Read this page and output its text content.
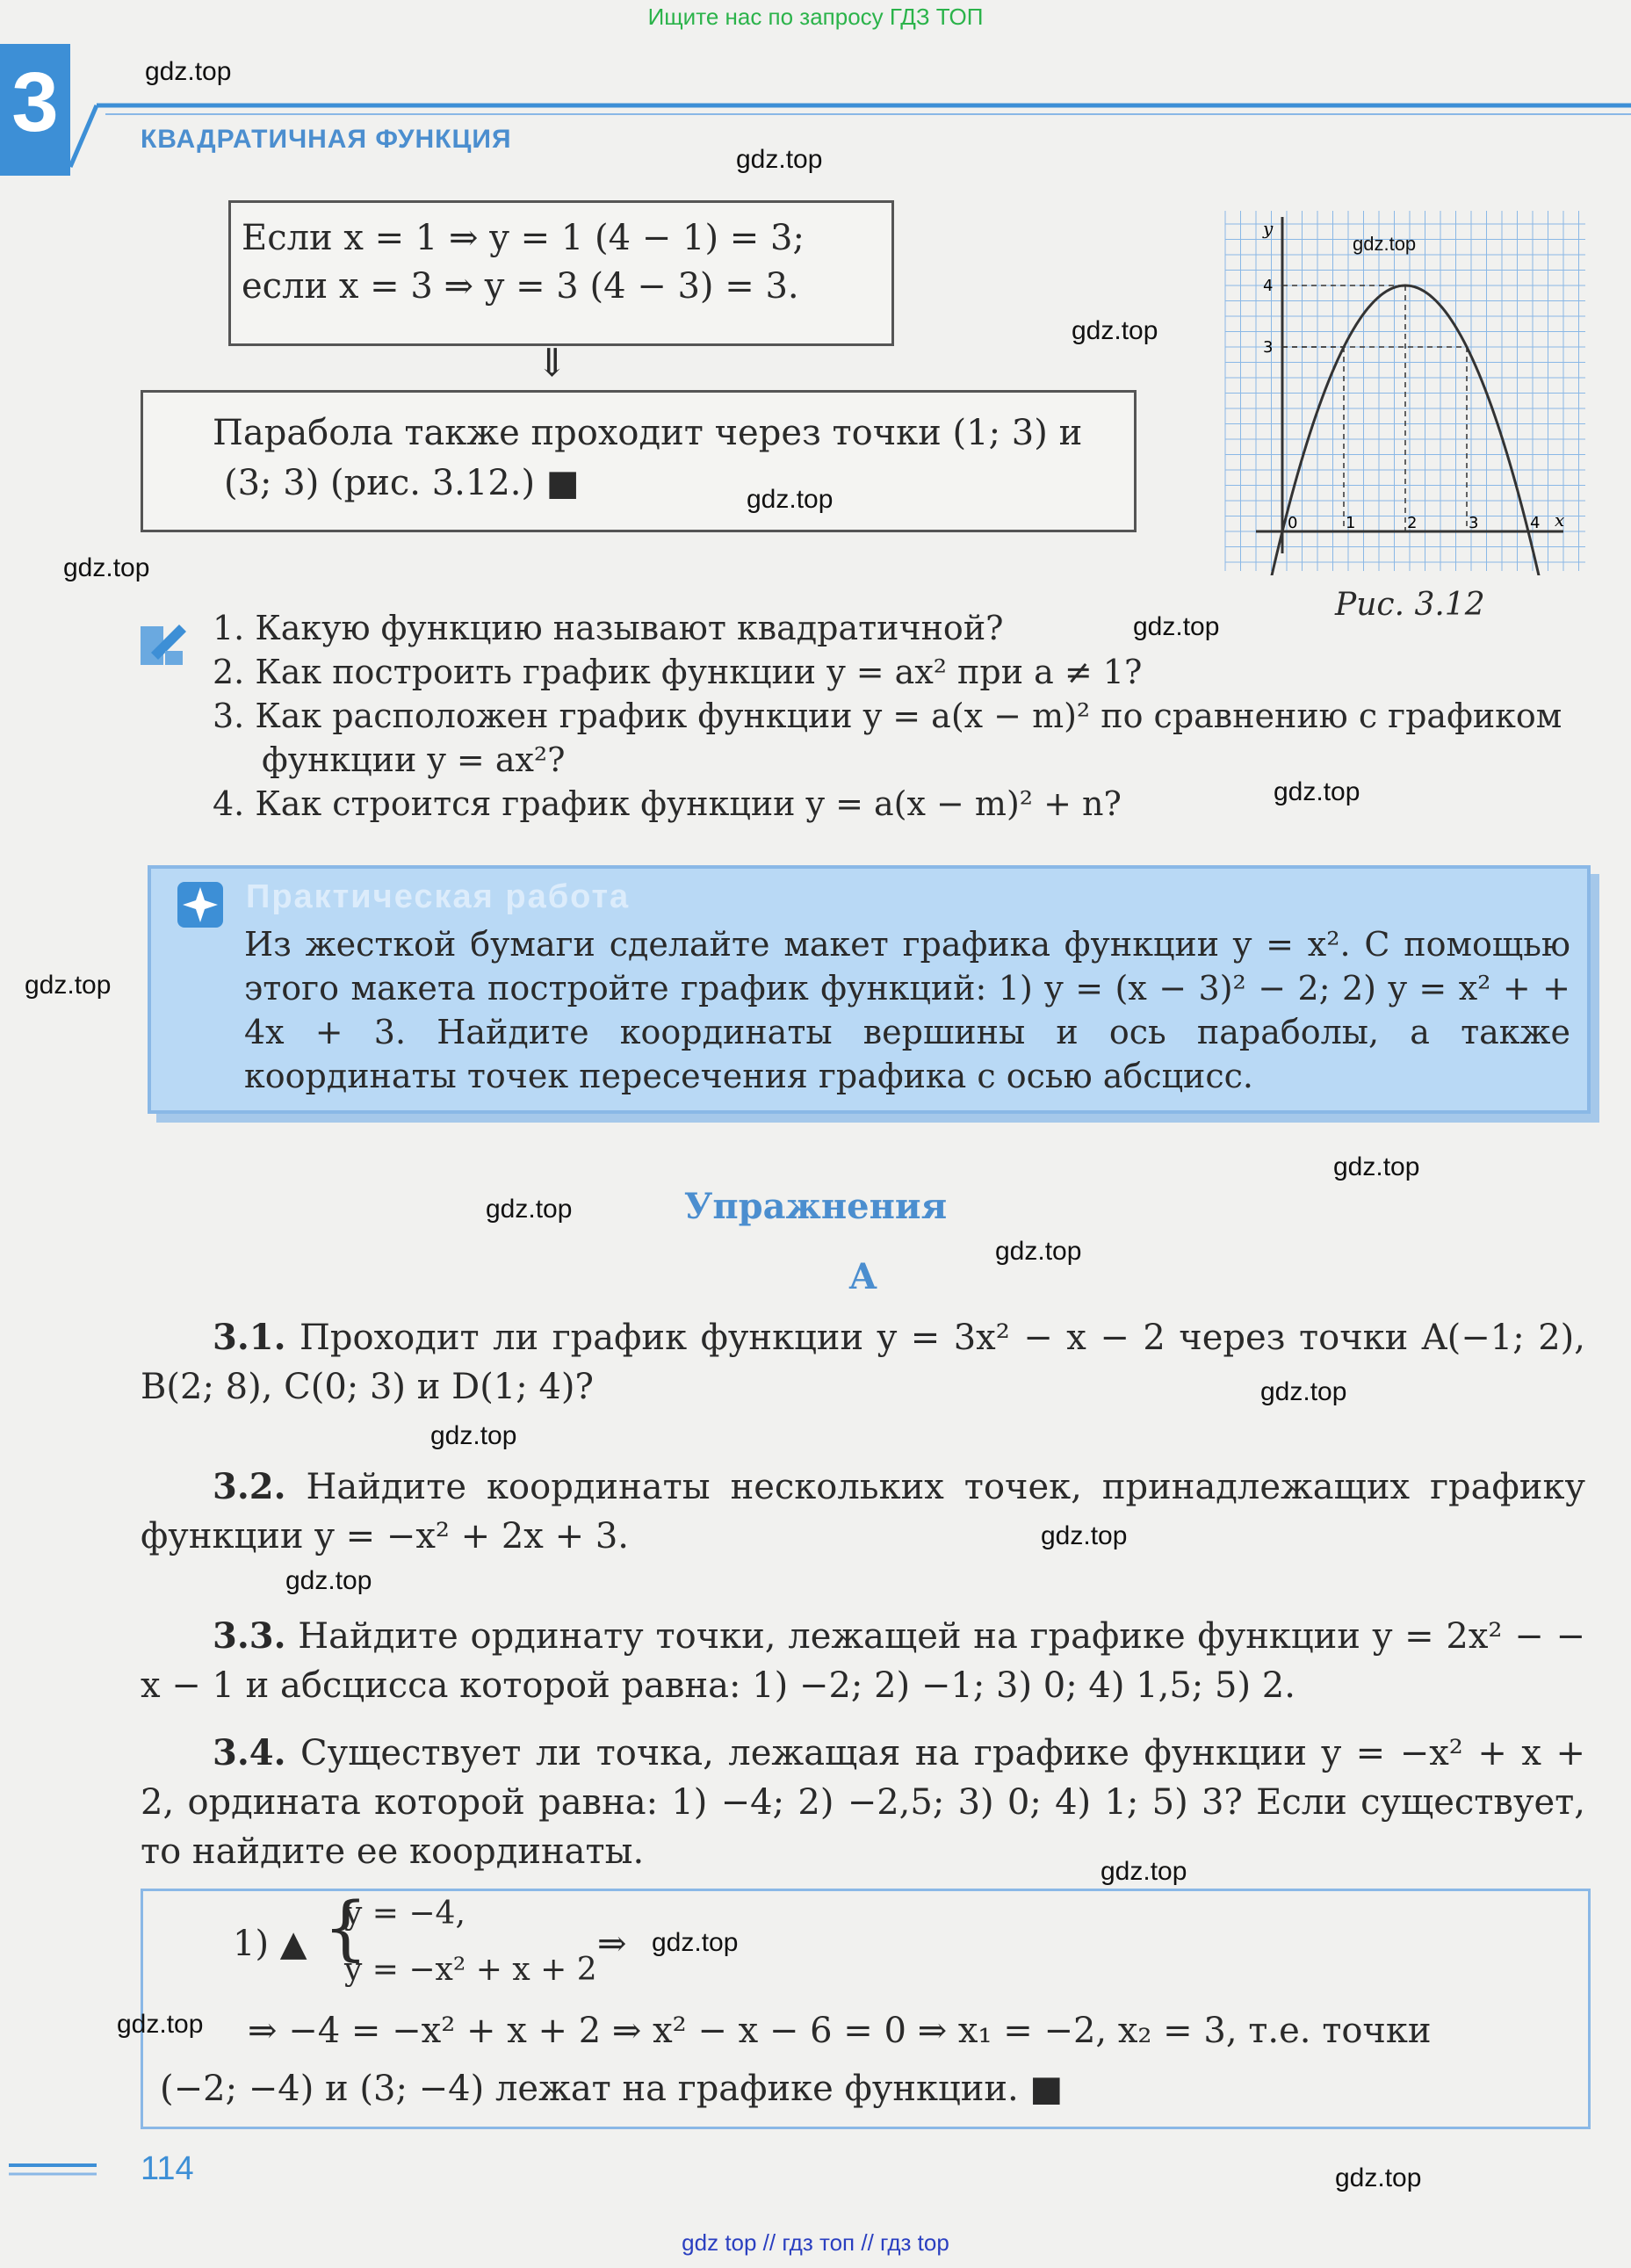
Ищите нас по запросу ГДЗ ТОП
gdz top // гдз топ // гдз top
3	КВАДРАТИЧНАЯ ФУНКЦИЯ
Если x = 1 ⇒ y = 1 (4 − 1) = 3;
если x = 3 ⇒ y = 3 (4 − 3) = 3.
⇓
Парабола также проходит через точки (1; 3) и
(3; 3) (рис. 3.12.) ■
y
x
0	1	2	3	4
3
4
Рис. 3.12
1. Какую функцию называют квадратичной?
2. Как построить график функции y = ax² при a ≠ 1?
3. Как расположен график функции y = a(x − m)² по сравнению с графиком
функции y = ax²?
4. Как строится график функции y = a(x − m)² + n?
Практическая работа
Из жесткой бумаги сделайте макет графика функции y = x². С помощью этого макета постройте график функций: 1) y = (x − 3)² − 2; 2) y = x² + + 4x + 3. Найдите координаты вершины и ось параболы, а также координаты точек пересечения графика с осью абсцисс.
Упражнения
A
3.1. Проходит ли график функции y = 3x² − x − 2 через точки A(−1; 2), B(2; 8), C(0; 3) и D(1; 4)?
3.2. Найдите координаты нескольких точек, принадлежащих графику функции y = −x² + 2x + 3.
3.3. Найдите ординату точки, лежащей на графике функции y = 2x² − − x − 1 и абсцисса которой равна: 1) −2; 2) −1; 3) 0; 4) 1,5; 5) 2.
3.4. Существует ли точка, лежащая на графике функции y = −x² + x + 2, ордината которой равна: 1) −4; 2) −2,5; 3) 0; 4) 1; 5) 3? Если существует, то найдите ее координаты.
1) ▲ {
y = −4,
y = −x² + x + 2
⇒
⇒ −4 = −x² + x + 2 ⇒ x² − x − 6 = 0 ⇒ x₁ = −2, x₂ = 3, т.е. точки
(−2; −4) и (3; −4) лежат на графике функции. ■
114
gdz.top
gdz.top
gdz.top
gdz.top
gdz.top
gdz.top
gdz.top
gdz.top
gdz.top
gdz.top
gdz.top
gdz.top
gdz.top
gdz.top
gdz.top
gdz.top
gdz.top
gdz.top
gdz.top
gdz.top
